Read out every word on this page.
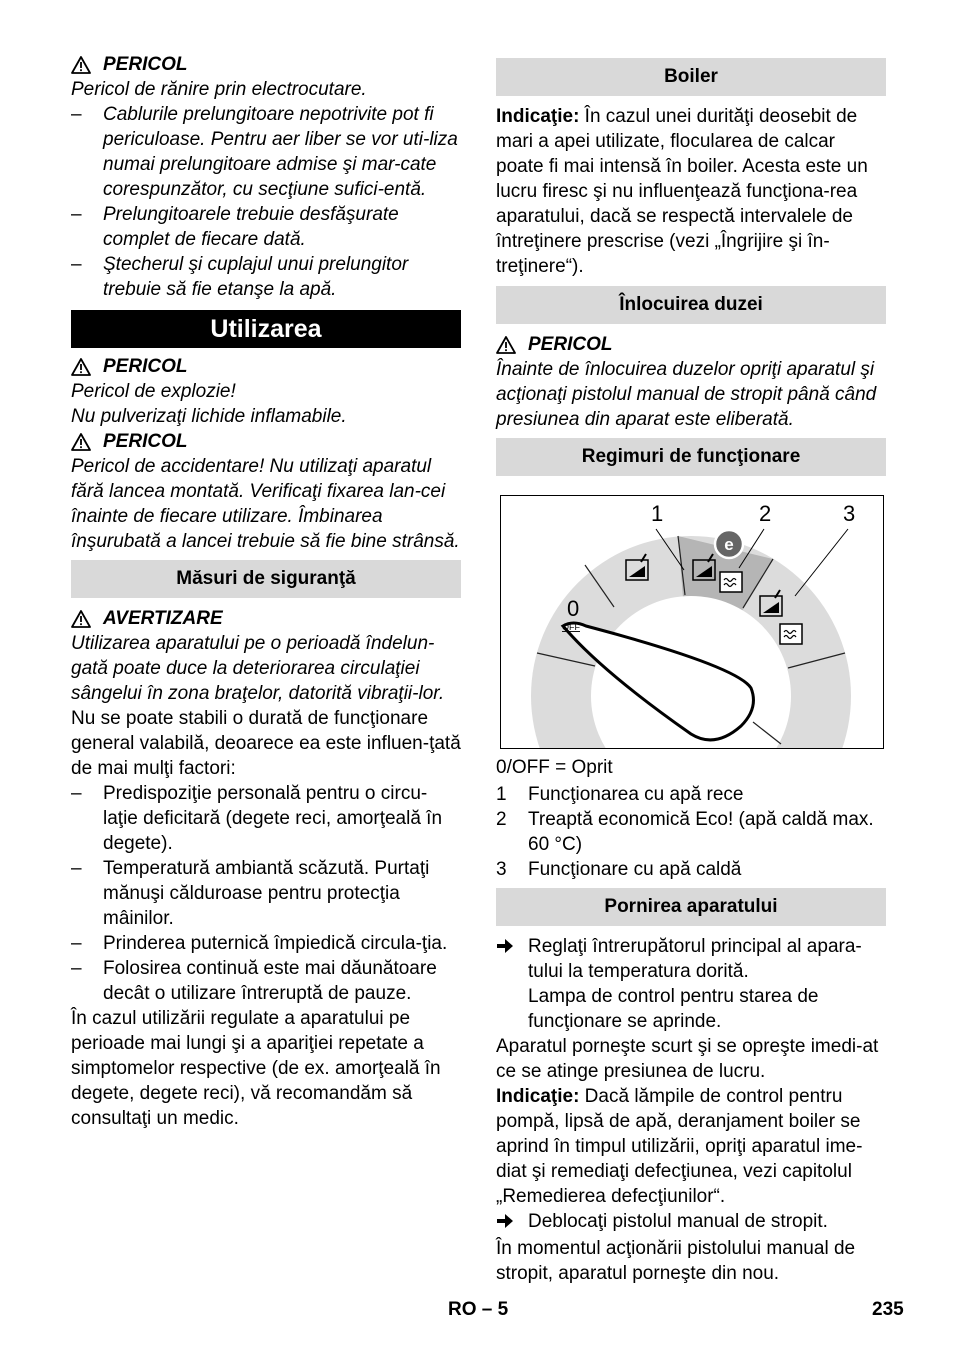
PERICOL

Pericol de rănire prin electrocutare.

–	Cablurile prelungitoare nepotrivite pot fi periculoase. Pentru aer liber se vor uti-liza numai prelungitoare admise şi mar-cate corespunzător, cu secţiune sufici-entă.
–	Prelungitoarele trebuie desfăşurate complet de fiecare dată.
–	Ştecherul şi cuplajul unui prelungitor trebuie să fie etanşe la apă.
Utilizarea

PERICOL

Pericol de explozie!

Nu pulverizaţi lichide inflamabile.

PERICOL

Pericol de accidentare! Nu utilizaţi aparatul fără lancea montată. Verificaţi fixarea lan-cei înainte de fiecare utilizare. Îmbinarea înşurubată a lancei trebuie să fie bine strânsă.

Măsuri de siguranţă

AVERTIZARE

Utilizarea aparatului pe o perioadă îndelun-gată poate duce la deteriorarea circulaţiei sângelui în zona braţelor, datorită vibraţii-lor.

Nu se poate stabili o durată de funcţionare general valabilă, deoarece ea este influen-ţată de mai mulţi factori:

–	Predispoziţie personală pentru o circu-laţie deficitară (degete reci, amorţeală în degete).
–	Temperatură ambiantă scăzută. Purtaţi mănuşi călduroase pentru protecţia mâinilor.
–	Prinderea puternică împiedică circula-ţia.
–	Folosirea continuă este mai dăunătoare decât o utilizare întreruptă de pauze.

În cazul utilizării regulate a aparatului pe perioade mai lungi şi a apariţiei repetate a simptomelor respective (de ex. amorţeală în degete, degete reci), vă recomandăm să consultaţi un medic.

Boiler

Indicaţie: În cazul unei durităţi deosebit de mari a apei utilizate, flocularea de calcar poate fi mai intensă în boiler. Acesta este un lucru firesc şi nu influenţează funcţiona-rea aparatului, dacă se respectă intervalele de întreţinere prescrise (vezi „Îngrijire şi în-treţinere“).

Înlocuirea duzei

PERICOL

Înainte de înlocuirea duzelor opriţi aparatul şi acţionaţi pistolul manual de stropit până când presiunea din aparat este eliberată.

Regimuri de funcţionare
e
1	2	3
0
OFF

0/OFF = Oprit

1	Funcţionarea cu apă rece
2	Treaptă economică Eco! (apă caldă max. 60 °C)
3	Funcţionare cu apă caldă
Pornirea aparatului
Reglaţi întrerupătorul principal al apara-tului la temperatura dorită.

Lampa de control pentru starea de funcţionare se aprinde.

Aparatul porneşte scurt şi se opreşte imedi-at ce se atinge presiunea de lucru.

Indicaţie: Dacă lămpile de control pentru pompă, lipsă de apă, deranjament boiler se aprind în timpul utilizării, opriţi aparatul ime-diat şi remediaţi defecţiunea, vezi capitolul „Remedierea defecţiunilor“.

Deblocaţi pistolul manual de stropit.

În momentul acţionării pistolului manual de stropit, aparatul porneşte din nou.

RO – 5	235
